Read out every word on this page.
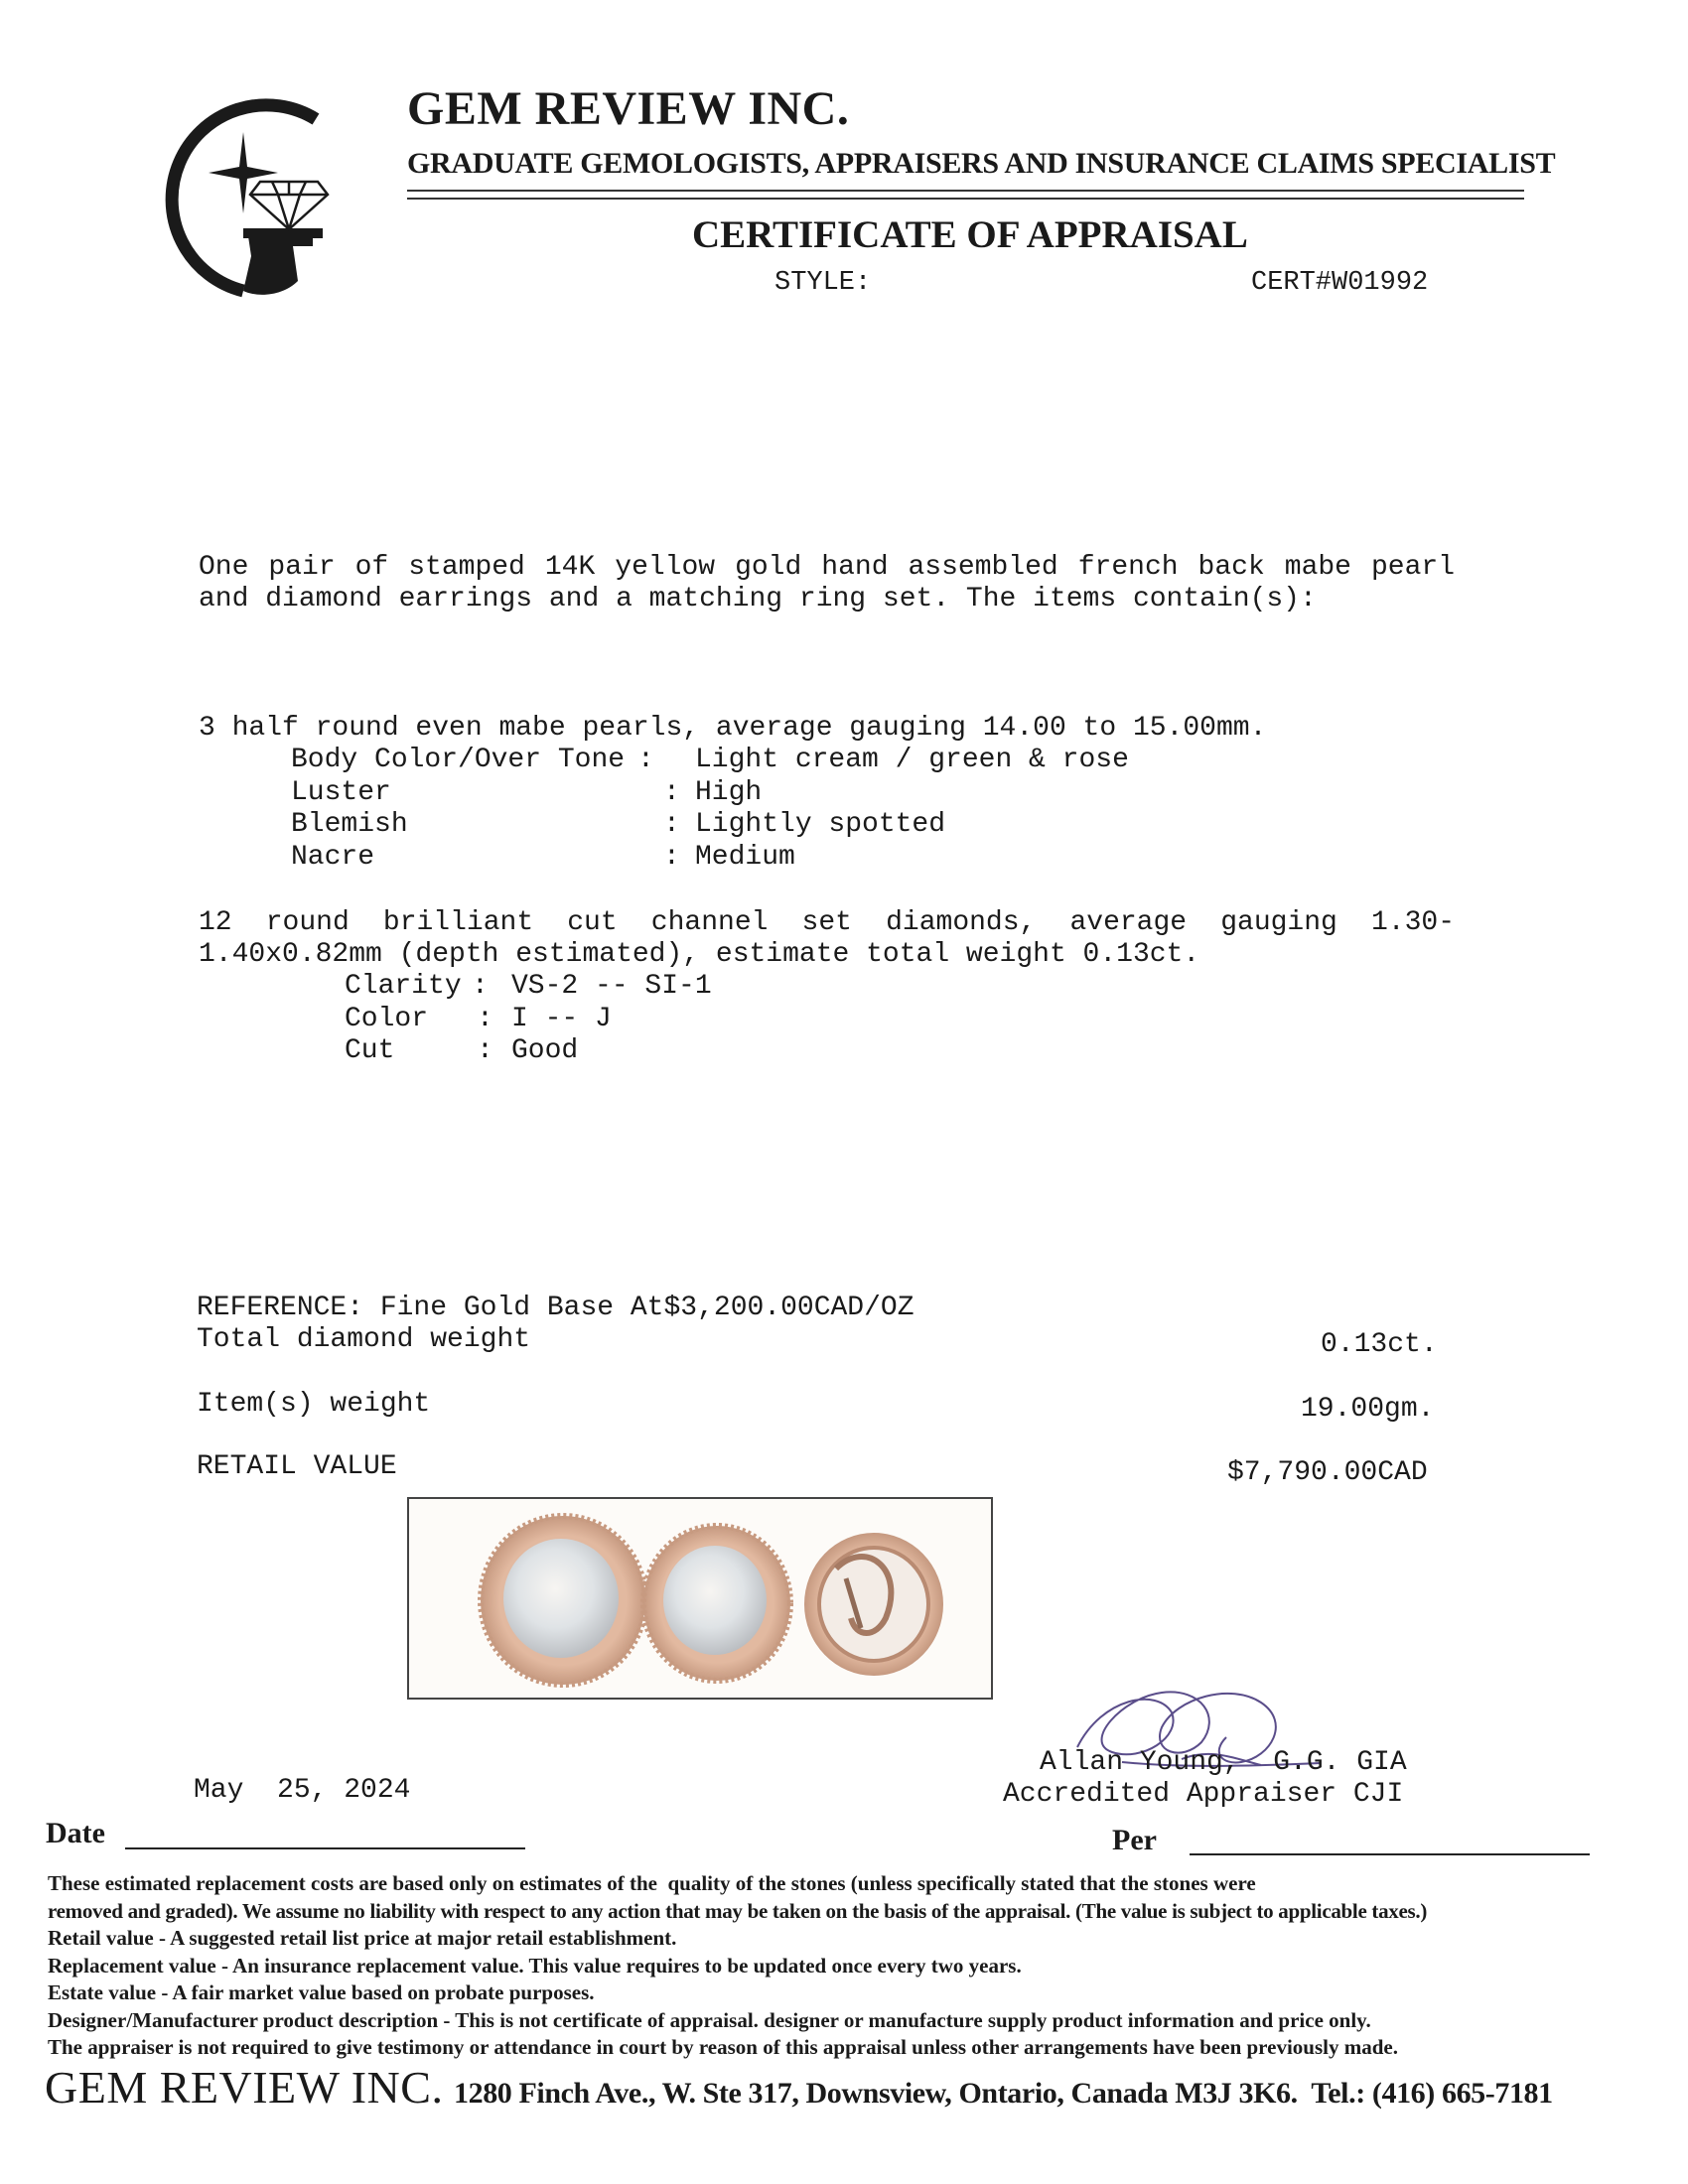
GEM REVIEW INC.
GRADUATE GEMOLOGISTS, APPRAISERS AND INSURANCE CLAIMS SPECIALIST
CERTIFICATE OF APPRAISAL
STYLE:	CERT#W01992
One pair of stamped 14K yellow gold hand assembled french back mabe pearl and diamond earrings and a matching ring set. The items contain(s):
3 half round even mabe pearls, average gauging 14.00 to 15.00mm.
Body Color/Over Tone : Light cream / green & rose
Luster	: High
Blemish	: Lightly spotted
Nacre	: Medium
12 round brilliant cut channel set diamonds, average gauging 1.30-1.40x0.82mm (depth estimated), estimate total weight 0.13ct.
Clarity : VS-2 -- SI-1
Color : I -- J
Cut	: Good
REFERENCE: Fine Gold Base At$3,200.00CAD/OZ
Total diamond weight	0.13ct.
Item(s) weight	19.00gm.
RETAIL VALUE	$7,790.00CAD
Allan Young,  G.G. GIA
Accredited Appraiser CJI
May  25, 2024
Date	Per
These estimated replacement costs are based only on estimates of the  quality of the stones (unless specifically stated that the stones were
removed and graded). We assume no liability with respect to any action that may be taken on the basis of the appraisal. (The value is subject to applicable taxes.)
Retail value - A suggested retail list price at major retail establishment.
Replacement value - An insurance replacement value. This value requires to be updated once every two years.
Estate value - A fair market value based on probate purposes.
Designer/Manufacturer product description - This is not certificate of appraisal. designer or manufacture supply product information and price only.
The appraiser is not required to give testimony or attendance in court by reason of this appraisal unless other arrangements have been previously made.
GEM REVIEW INC. 1280 Finch Ave., W. Ste 317, Downsview, Ontario, Canada M3J 3K6.  Tel.: (416) 665-7181
